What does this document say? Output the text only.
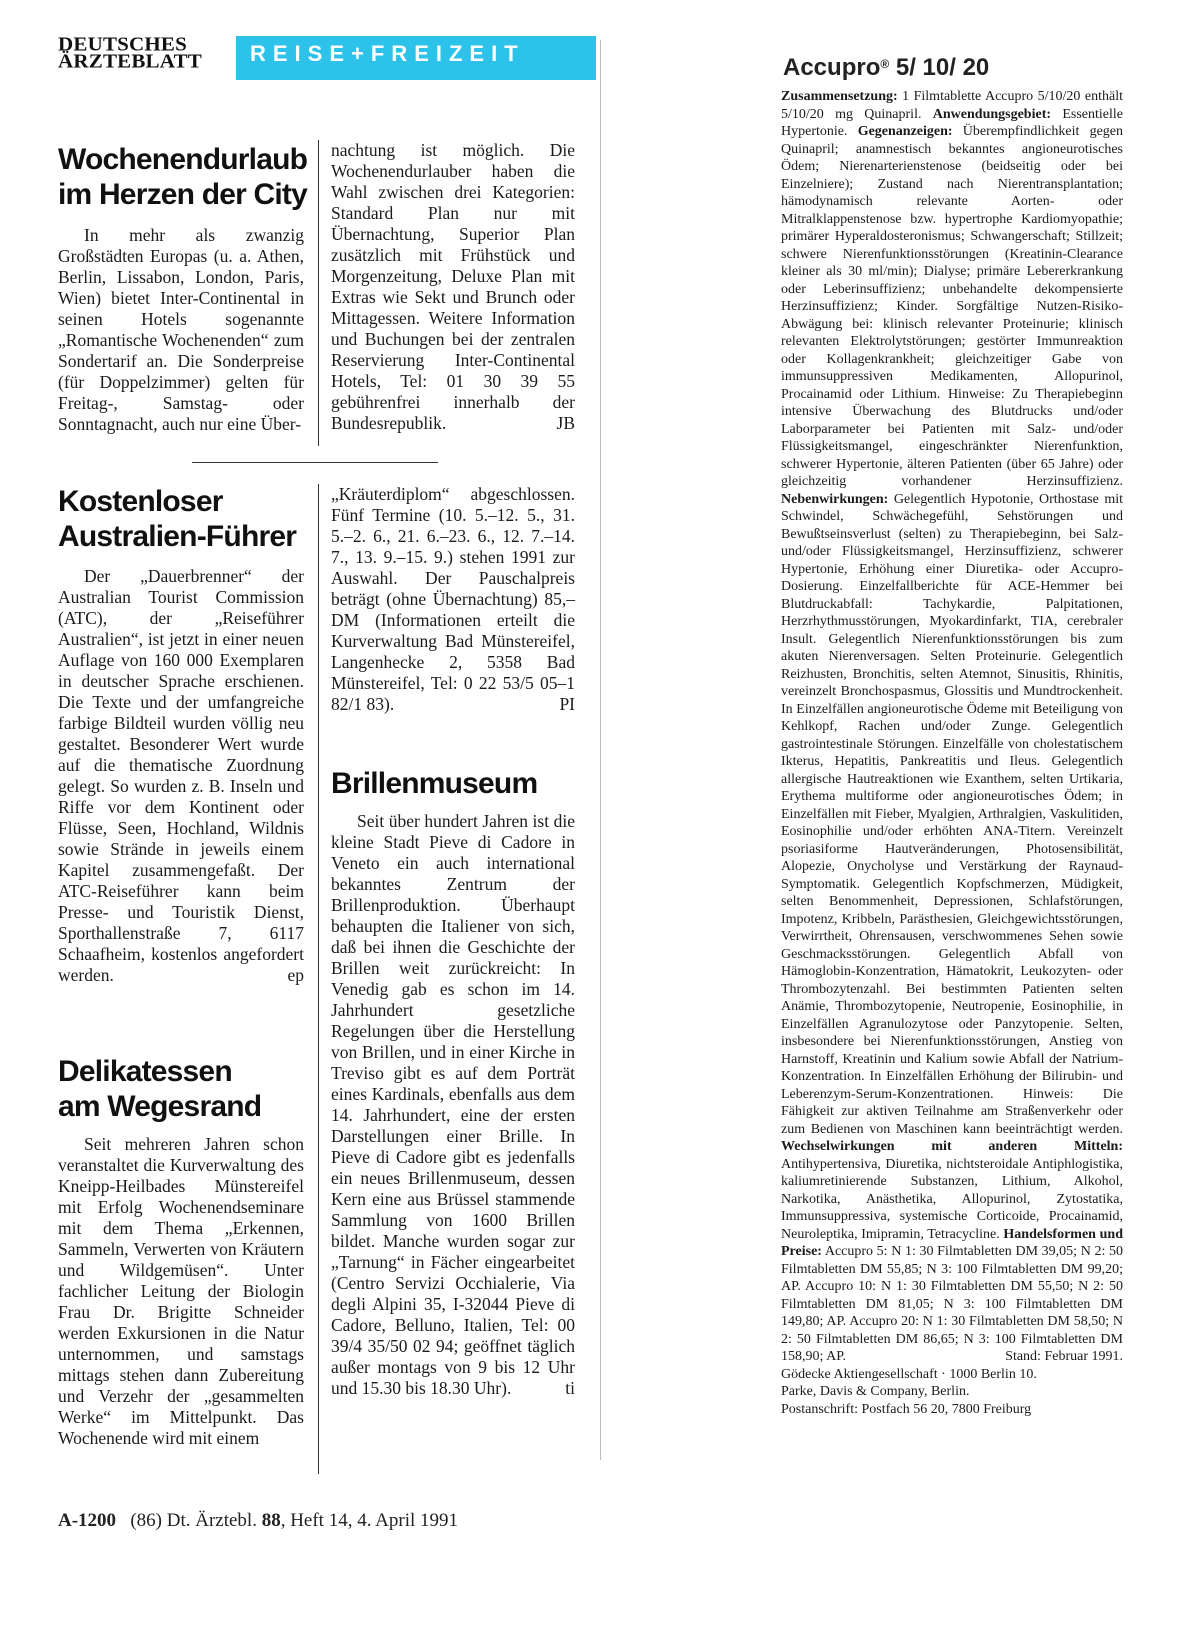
DEUTSCHES
ÄRZTEBLATT	REISE+FREIZEIT
Wochenendurlaub
im Herzen der City

In mehr als zwanzig Großstädten Europas (u. a. Athen, Berlin, Lissabon, London, Paris, Wien) bietet Inter-Continental in seinen Hotels sogenannte „Romantische Wochenenden“ zum Sondertarif an. Die Sonderpreise (für Doppelzimmer) gelten für Freitag-, Samstag- oder Sonntagnacht, auch nur eine Über-

nachtung ist möglich. Die Wochenendurlauber haben die Wahl zwischen drei Kategorien: Standard Plan nur mit Übernachtung, Superior Plan zusätzlich mit Frühstück und Morgenzeitung, Deluxe Plan mit Extras wie Sekt und Brunch oder Mittagessen. Weitere Information und Buchungen bei der zentralen Reservierung Inter-Continental Hotels, Tel: 01 30 39 55 gebührenfrei innerhalb der Bundesrepublik.	JB

Kostenloser
Australien-Führer

Der „Dauerbrenner“ der Australian Tourist Commission (ATC), der „Reiseführer Australien“, ist jetzt in einer neuen Auflage von 160 000 Exemplaren in deutscher Sprache erschienen. Die Texte und der umfangreiche farbige Bildteil wurden völlig neu gestaltet. Besonderer Wert wurde auf die thematische Zuordnung gelegt. So wurden z. B. Inseln und Riffe vor dem Kontinent oder Flüsse, Seen, Hochland, Wildnis sowie Strände in jeweils einem Kapitel zusammengefaßt. Der ATC-Reiseführer kann beim Presse- und Touristik Dienst, Sporthallenstraße 7, 6117 Schaafheim, kostenlos angefordert werden.	ep

„Kräuterdiplom“ abgeschlossen. Fünf Termine (10. 5.–12. 5., 31. 5.–2. 6., 21. 6.–23. 6., 12. 7.–14. 7., 13. 9.–15. 9.) stehen 1991 zur Auswahl. Der Pauschalpreis beträgt (ohne Übernachtung) 85,– DM (Informationen erteilt die Kurverwaltung Bad Münstereifel, Langenhecke 2, 5358 Bad Münstereifel, Tel: 0 22 53/5 05–1 82/1 83).	PI

Brillenmuseum

Seit über hundert Jahren ist die kleine Stadt Pieve di Cadore in Veneto ein auch international bekanntes Zentrum der Brillenproduktion. Überhaupt behaupten die Italiener von sich, daß bei ihnen die Geschichte der Brillen weit zurückreicht: In Venedig gab es schon im 14. Jahrhundert gesetzliche Regelungen über die Herstellung von Brillen, und in einer Kirche in Treviso gibt es auf dem Porträt eines Kardinals, ebenfalls aus dem 14. Jahrhundert, eine der ersten Darstellungen einer Brille. In Pieve di Cadore gibt es jedenfalls ein neues Brillenmuseum, dessen Kern eine aus Brüssel stammende Sammlung von 1600 Brillen bildet. Manche wurden sogar zur „Tarnung“ in Fächer eingearbeitet (Centro Servizi Occhialerie, Via degli Alpini 35, I-32044 Pieve di Cadore, Belluno, Italien, Tel: 00 39/4 35/50 02 94; geöffnet täglich außer montags von 9 bis 12 Uhr und 15.30 bis 18.30 Uhr).	ti

Delikatessen
am Wegesrand

Seit mehreren Jahren schon veranstaltet die Kurverwaltung des Kneipp-Heilbades Münstereifel mit Erfolg Wochenendseminare mit dem Thema „Erkennen, Sammeln, Verwerten von Kräutern und Wildgemüsen“. Unter fachlicher Leitung der Biologin Frau Dr. Brigitte Schneider werden Exkursionen in die Natur unternommen, und samstags mittags stehen dann Zubereitung und Verzehr der „gesammelten Werke“ im Mittelpunkt. Das Wochenende wird mit einem

Accupro® 5/ 10/ 20
Zusammensetzung: 1 Filmtablette Accupro 5/10/20 enthält 5/10/20 mg Quinapril. Anwendungsgebiet: Essentielle Hypertonie. Gegenanzeigen: Überempfindlichkeit gegen Quinapril; anamnestisch bekanntes angioneurotisches Ödem; Nierenarterienstenose (beidseitig oder bei Einzelniere); Zustand nach Nierentransplantation; hämodynamisch relevante Aorten- oder Mitralklappenstenose bzw. hypertrophe Kardiomyopathie; primärer Hyperaldosteronismus; Schwangerschaft; Stillzeit; schwere Nierenfunktionsstörungen (Kreatinin-Clearance kleiner als 30 ml/min); Dialyse; primäre Lebererkrankung oder Leberinsuffizienz; unbehandelte dekompensierte Herzinsuffizienz; Kinder. Sorgfältige Nutzen-Risiko-Abwägung bei: klinisch relevanter Proteinurie; klinisch relevanten Elektrolytstörungen; gestörter Immunreaktion oder Kollagenkrankheit; gleichzeitiger Gabe von immunsuppressiven Medikamenten, Allopurinol, Procainamid oder Lithium. Hinweise: Zu Therapiebeginn intensive Überwachung des Blutdrucks und/oder Laborparameter bei Patienten mit Salz- und/oder Flüssigkeitsmangel, eingeschränkter Nierenfunktion, schwerer Hypertonie, älteren Patienten (über 65 Jahre) oder gleichzeitig vorhandener Herzinsuffizienz. Nebenwirkungen: Gelegentlich Hypotonie, Orthostase mit Schwindel, Schwächegefühl, Sehstörungen und Bewußtseinsverlust (selten) zu Therapiebeginn, bei Salz- und/oder Flüssigkeitsmangel, Herzinsuffizienz, schwerer Hypertonie, Erhöhung einer Diuretika- oder Accupro-Dosierung. Einzelfallberichte für ACE-Hemmer bei Blutdruckabfall: Tachykardie, Palpitationen, Herzrhythmusstörungen, Myokardinfarkt, TIA, cerebraler Insult. Gelegentlich Nierenfunktionsstörungen bis zum akuten Nierenversagen. Selten Proteinurie. Gelegentlich Reizhusten, Bronchitis, selten Atemnot, Sinusitis, Rhinitis, vereinzelt Bronchospasmus, Glossitis und Mundtrockenheit. In Einzelfällen angioneurotische Ödeme mit Beteiligung von Kehlkopf, Rachen und/oder Zunge. Gelegentlich gastrointestinale Störungen. Einzelfälle von cholestatischem Ikterus, Hepatitis, Pankreatitis und Ileus. Gelegentlich allergische Hautreaktionen wie Exanthem, selten Urtikaria, Erythema multiforme oder angioneurotisches Ödem; in Einzelfällen mit Fieber, Myalgien, Arthralgien, Vaskulitiden, Eosinophilie und/oder erhöhten ANA-Titern. Vereinzelt psoriasiforme Hautveränderungen, Photosensibilität, Alopezie, Onycholyse und Verstärkung der Raynaud-Symptomatik. Gelegentlich Kopfschmerzen, Müdigkeit, selten Benommenheit, Depressionen, Schlafstörungen, Impotenz, Kribbeln, Parästhesien, Gleichgewichtsstörungen, Verwirrtheit, Ohrensausen, verschwommenes Sehen sowie Geschmacksstörungen. Gelegentlich Abfall von Hämoglobin-Konzentration, Hämatokrit, Leukozyten- oder Thrombozytenzahl. Bei bestimmten Patienten selten Anämie, Thrombozytopenie, Neutropenie, Eosinophilie, in Einzelfällen Agranulozytose oder Panzytopenie. Selten, insbesondere bei Nierenfunktionsstörungen, Anstieg von Harnstoff, Kreatinin und Kalium sowie Abfall der Natrium-Konzentration. In Einzelfällen Erhöhung der Bilirubin- und Leberenzym-Serum-Konzentrationen. Hinweis: Die Fähigkeit zur aktiven Teilnahme am Straßenverkehr oder zum Bedienen von Maschinen kann beeinträchtigt werden. Wechselwirkungen mit anderen Mitteln: Antihypertensiva, Diuretika, nichtsteroidale Antiphlogistika, kaliumretinierende Substanzen, Lithium, Alkohol, Narkotika, Anästhetika, Allopurinol, Zytostatika, Immunsuppressiva, systemische Corticoide, Procainamid, Neuroleptika, Imipramin, Tetracycline. Handelsformen und Preise: Accupro 5: N 1: 30 Filmtabletten DM 39,05; N 2: 50 Filmtabletten DM 55,85; N 3: 100 Filmtabletten DM 99,20; AP. Accupro 10: N 1: 30 Filmtabletten DM 55,50; N 2: 50 Filmtabletten DM 81,05; N 3: 100 Filmtabletten DM 149,80; AP. Accupro 20: N 1: 30 Filmtabletten DM 58,50; N 2: 50 Filmtabletten DM 86,65; N 3: 100 Filmtabletten DM 158,90; AP.	Stand: Februar 1991.
Gödecke Aktiengesellschaft · 1000 Berlin 10.
Parke, Davis & Company, Berlin.
Postanschrift: Postfach 56 20, 7800 Freiburg
A-1200 (86) Dt. Ärztebl. 88, Heft 14, 4. April 1991
